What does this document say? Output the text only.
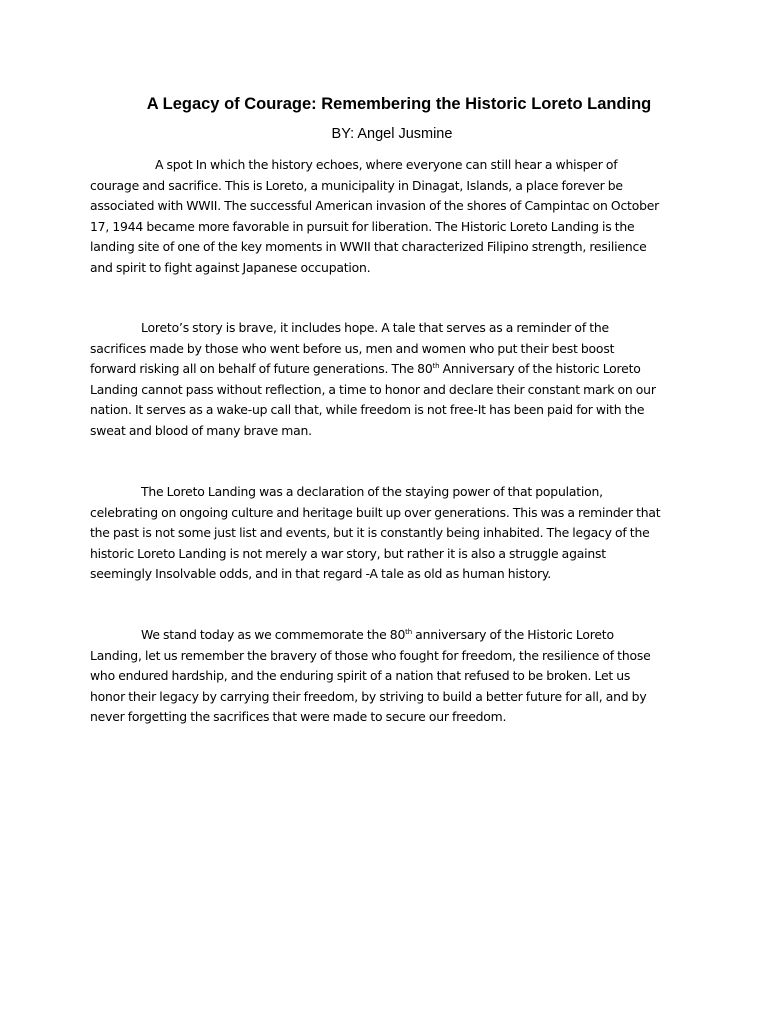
A Legacy of Courage: Remembering the Historic Loreto Landing
BY: Angel Jusmine
A spot In which the history echoes, where everyone can still hear a whisper of
courage and sacrifice. This is Loreto, a municipality in Dinagat, Islands, a place forever be
associated with WWII. The successful American invasion of the shores of Campintac on October
17, 1944 became more favorable in pursuit for liberation. The Historic Loreto Landing is the
landing site of one of the key moments in WWII that characterized Filipino strength, resilience
and spirit to fight against Japanese occupation.
Loreto’s story is brave, it includes hope. A tale that serves as a reminder of the
sacrifices made by those who went before us, men and women who put their best boost
forward risking all on behalf of future generations. The 80th Anniversary of the historic Loreto
Landing cannot pass without reflection, a time to honor and declare their constant mark on our
nation. It serves as a wake-up call that, while freedom is not free-It has been paid for with the
sweat and blood of many brave man.
The Loreto Landing was a declaration of the staying power of that population,
celebrating on ongoing culture and heritage built up over generations. This was a reminder that
the past is not some just list and events, but it is constantly being inhabited. The legacy of the
historic Loreto Landing is not merely a war story, but rather it is also a struggle against
seemingly Insolvable odds, and in that regard -A tale as old as human history.
We stand today as we commemorate the 80th anniversary of the Historic Loreto
Landing, let us remember the bravery of those who fought for freedom, the resilience of those
who endured hardship, and the enduring spirit of a nation that refused to be broken. Let us
honor their legacy by carrying their freedom, by striving to build a better future for all, and by
never forgetting the sacrifices that were made to secure our freedom.
